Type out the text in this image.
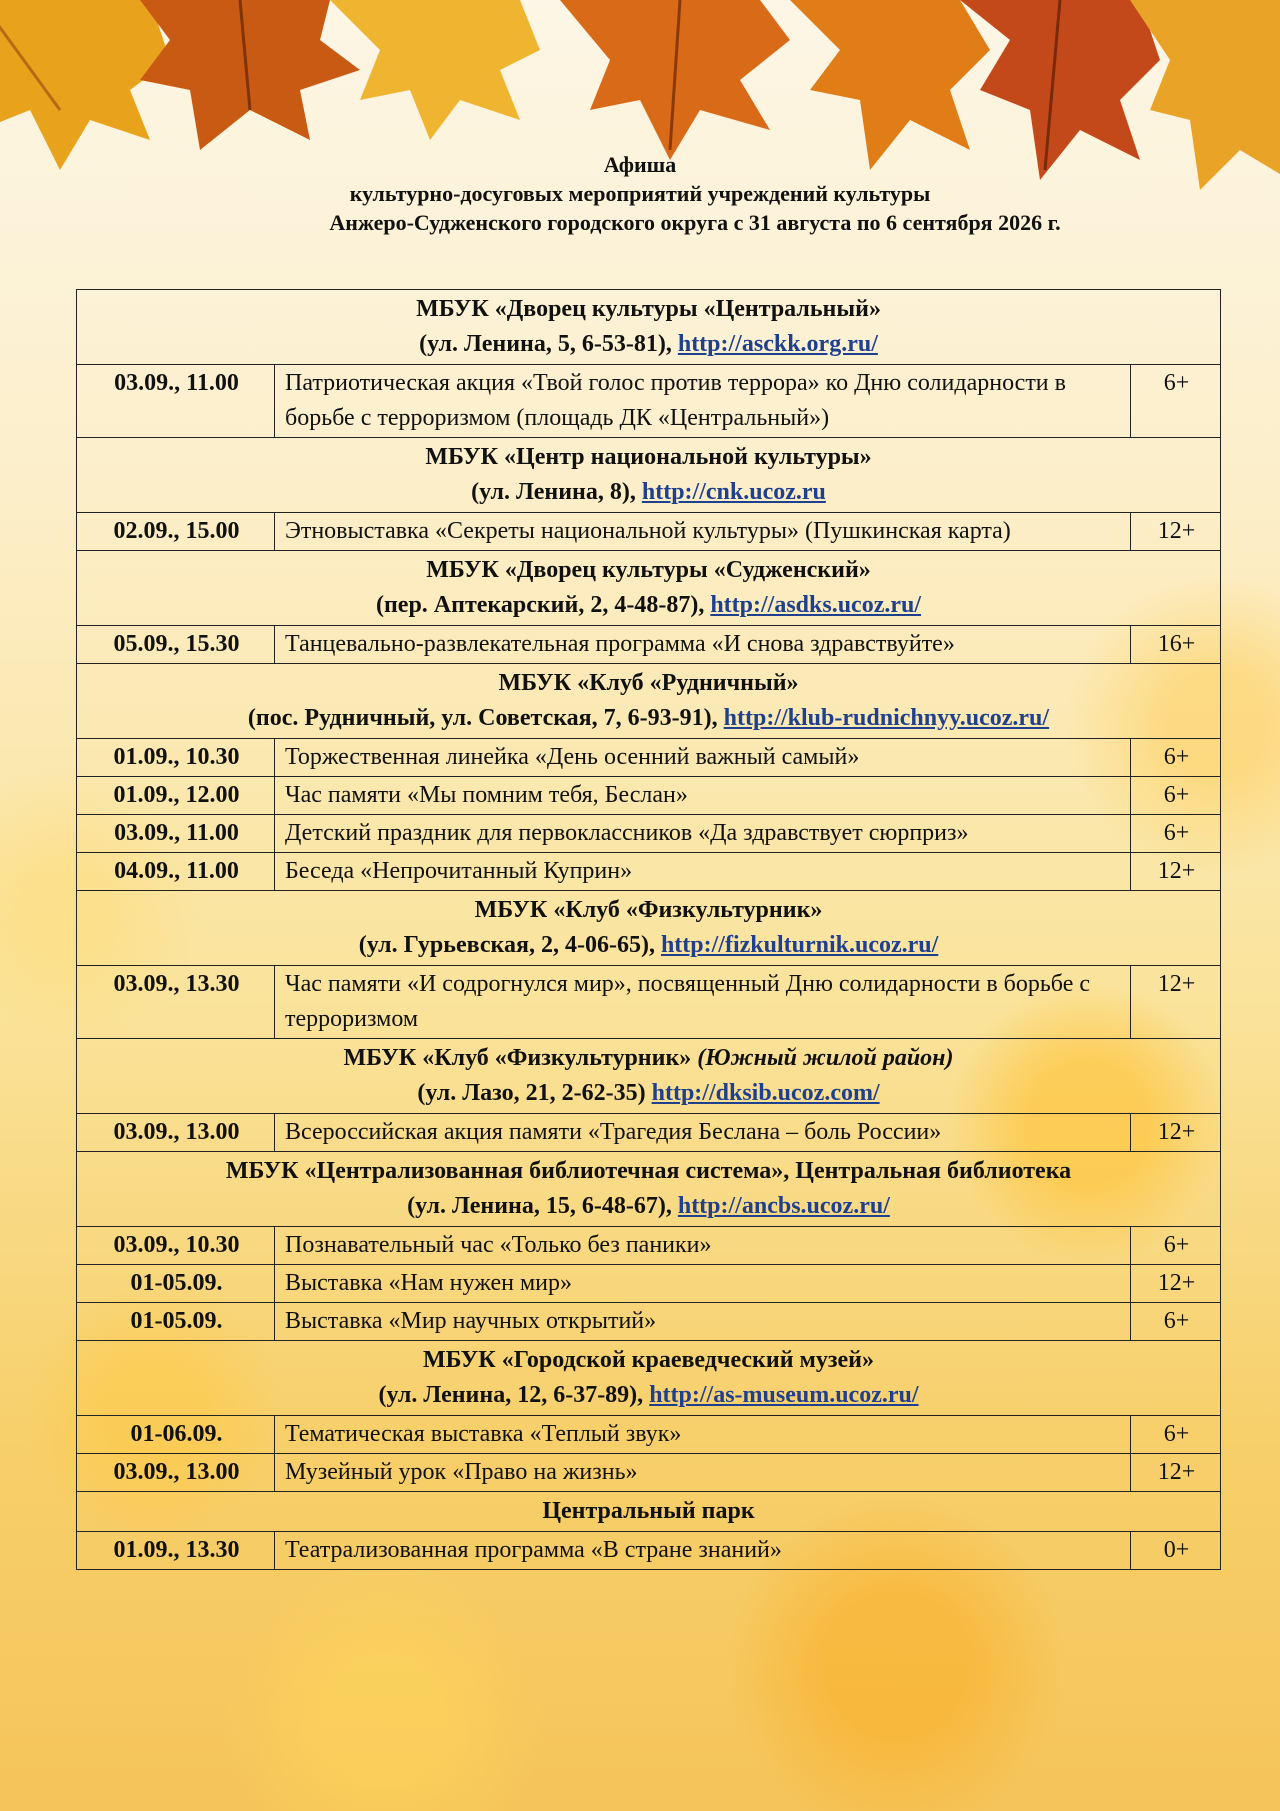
Афиша
культурно-досуговых мероприятий учреждений культуры
Анжеро-Судженского городского округа с 31 августа по 6 сентября 2026 г.
МБУК «Дворец культуры «Центральный»
(ул. Ленина, 5, 6-53-81), http://asckk.org.ru/		

03.09., 11.00	Патриотическая акция «Твой голос против террора» ко Дню солидарности в борьбе с терроризмом (площадь ДК «Центральный»)	6+

МБУК «Центр национальной культуры»
(ул. Ленина, 8), http://cnk.ucoz.ru		

02.09., 15.00	Этновыставка «Секреты национальной культуры» (Пушкинская карта)	12+

МБУК «Дворец культуры «Судженский»
(пер. Аптекарский, 2, 4-48-87), http://asdks.ucoz.ru/		

05.09., 15.30	Танцевально-развлекательная программа «И снова здравствуйте»	16+

МБУК «Клуб «Рудничный»
(пос. Рудничный, ул. Советская, 7, 6-93-91), http://klub-rudnichnyy.ucoz.ru/		

01.09., 10.30	Торжественная линейка «День осенний важный самый»	6+
01.09., 12.00	Час памяти «Мы помним тебя, Беслан»	6+
03.09., 11.00	Детский праздник для первоклассников «Да здравствует сюрприз»	6+
04.09., 11.00	Беседа «Непрочитанный Куприн»	12+

МБУК «Клуб «Физкультурник»
(ул. Гурьевская, 2, 4-06-65), http://fizkulturnik.ucoz.ru/		

03.09., 13.30	Час памяти «И содрогнулся мир», посвященный Дню солидарности в борьбе с терроризмом	12+

МБУК «Клуб «Физкультурник» (Южный жилой район)
(ул. Лазо, 21, 2-62-35) http://dksib.ucoz.com/		

03.09., 13.00	Всероссийская акция памяти «Трагедия Беслана – боль России»	12+

МБУК «Централизованная библиотечная система», Центральная библиотека
(ул. Ленина, 15, 6-48-67), http://ancbs.ucoz.ru/		

03.09., 10.30	Познавательный час «Только без паники»	6+
01-05.09.	Выставка «Нам нужен мир»	12+
01-05.09.	Выставка «Мир научных открытий»	6+

МБУК «Городской краеведческий музей»
(ул. Ленина, 12, 6-37-89), http://as-museum.ucoz.ru/		

01-06.09.	Тематическая выставка «Теплый звук»	6+
03.09., 13.00	Музейный урок «Право на жизнь»	12+

Центральный парк		

01.09., 13.30	Театрализованная программа «В стране знаний»	0+
